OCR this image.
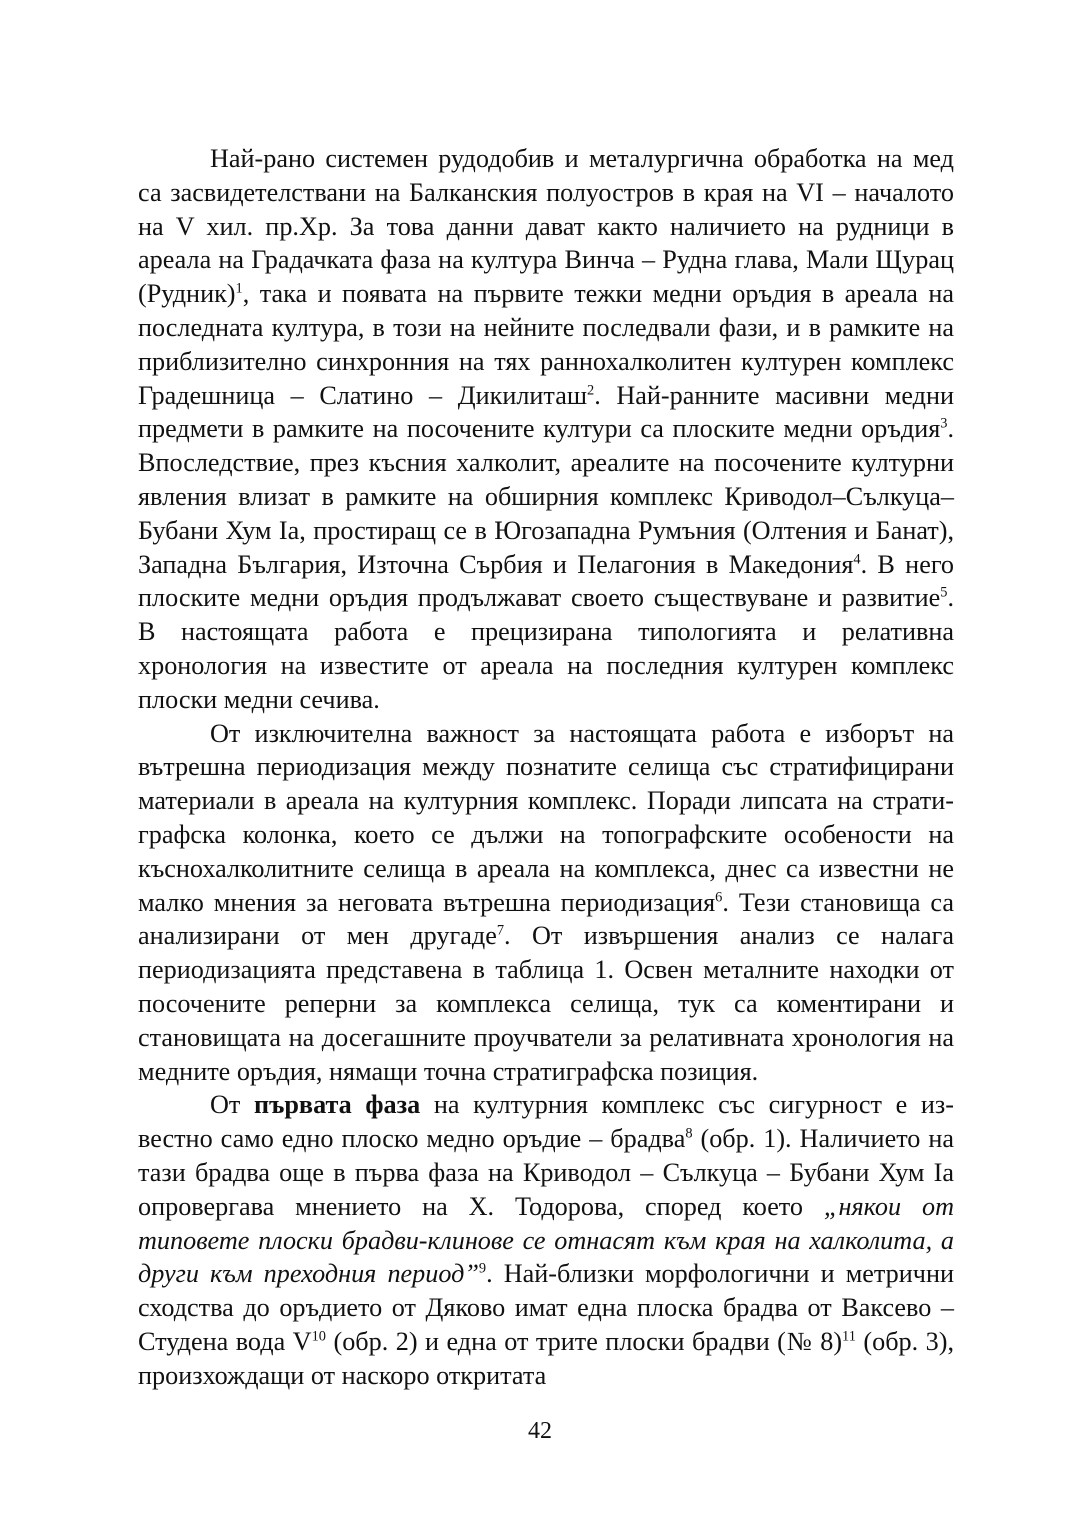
Най-рано системен рудодобив и металургична обработка на мед са засвидетелствани на Балканския полуостров в края на VI – началото на V хил. пр.Хр. За това данни дават както наличието на рудници в ареала на Градачката фаза на култура Винча – Рудна глава, Мали Щурац (Рудник)$^1$, така и появата на първите тежки медни оръдия в ареала на последната култура, в този на нейните последвали фази, и в рамките на приблизително синхронния на тях раннохалколитен културен комплекс Градешница – Слатино – Дикилиташ$^2$. Най-ранните масивни медни предмети в рамките на посочените култури са плоските медни оръдия$^3$. Впоследствие, през късния халколит, ареалите на посочените културни явления влизат в рамките на обширния комплекс Криводол–Сълкуца–Бубани Хум Iа, простиращ се в Югозападна Румъния (Олтения и Банат), Западна България, Източна Сърбия и Пелагония в Македония$^4$. В него плоските медни оръдия продължават своето съществуване и развитие$^5$. В настоящата работа е прецизирана типологията и релативна хронология на известите от ареала на последния културен комплекс плоски медни сечива.

От изключителна важност за настоящата работа е изборът на вътрешна периодизация между познатите селища със стратифицирани материали в ареала на културния комплекс. Поради липсата на стратиграфска колонка, което се дължи на топографските особености на къснохалколитните селища в ареала на комплекса, днес са известни не малко мнения за неговата вътрешна периодизация$^6$. Тези становища са анализирани от мен другаде$^7$. От извършения анализ се налага периодизацията представена в таблица 1. Освен металните находки от посочените реперни за комплекса селища, тук са коментирани и становищата на досегашните проучватели за релативната хронология на медните оръдия, нямащи точна стратиграфска позиция.

От първата фаза на културния комплекс със сигурност е известно само едно плоско медно оръдие – брадва$^8$ (обр. 1). Наличието на тази брадва още в първа фаза на Криводол – Сълкуца – Бубани Хум Iа опровергава мнението на Х. Тодорова, според което „някои от типовете плоски брадви-клинове се отнасят към края на халколита, а други към преходния период”$^9$. Най-близки морфологични и метрични сходства до оръдието от Дяково имат една плоска брадва от Ваксево – Студена вода $V^{10}$ (обр. 2) и една от трите плоски брадви (№ 8)$^{11}$ (обр. 3), произхождащи от наскоро откритата

42
